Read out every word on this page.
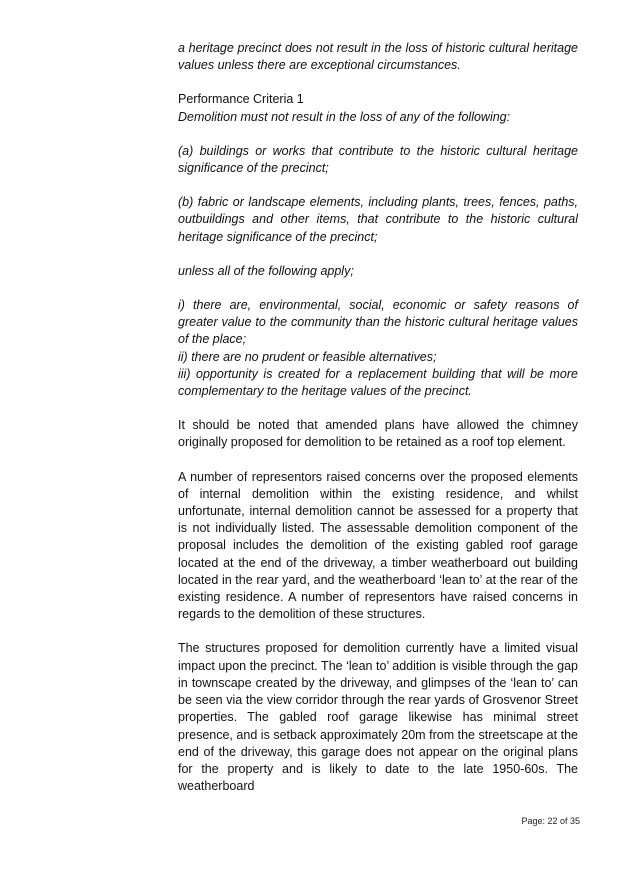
a heritage precinct does not result in the loss of historic cultural heritage values unless there are exceptional circumstances.

Performance Criteria 1

Demolition must not result in the loss of any of the following:

(a) buildings or works that contribute to the historic cultural heritage significance of the precinct;

(b) fabric or landscape elements, including plants, trees, fences, paths, outbuildings and other items, that contribute to the historic cultural heritage significance of the precinct;

unless all of the following apply;

i) there are, environmental, social, economic or safety reasons of greater value to the community than the historic cultural heritage values of the place;

ii) there are no prudent or feasible alternatives;

iii) opportunity is created for a replacement building that will be more complementary to the heritage values of the precinct.

It should be noted that amended plans have allowed the chimney originally proposed for demolition to be retained as a roof top element.

A number of representors raised concerns over the proposed elements of internal demolition within the existing residence, and whilst unfortunate, internal demolition cannot be assessed for a property that is not individually listed. The assessable demolition component of the proposal includes the demolition of the existing gabled roof garage located at the end of the driveway, a timber weatherboard out building located in the rear yard, and the weatherboard ‘lean to’ at the rear of the existing residence. A number of representors have raised concerns in regards to the demolition of these structures.

The structures proposed for demolition currently have a limited visual impact upon the precinct. The ‘lean to’ addition is visible through the gap in townscape created by the driveway, and glimpses of the ‘lean to’ can be seen via the view corridor through the rear yards of Grosvenor Street properties. The gabled roof garage likewise has minimal street presence, and is setback approximately 20m from the streetscape at the end of the driveway, this garage does not appear on the original plans for the property and is likely to date to the late 1950-60s. The weatherboard

Page: 22 of 35
